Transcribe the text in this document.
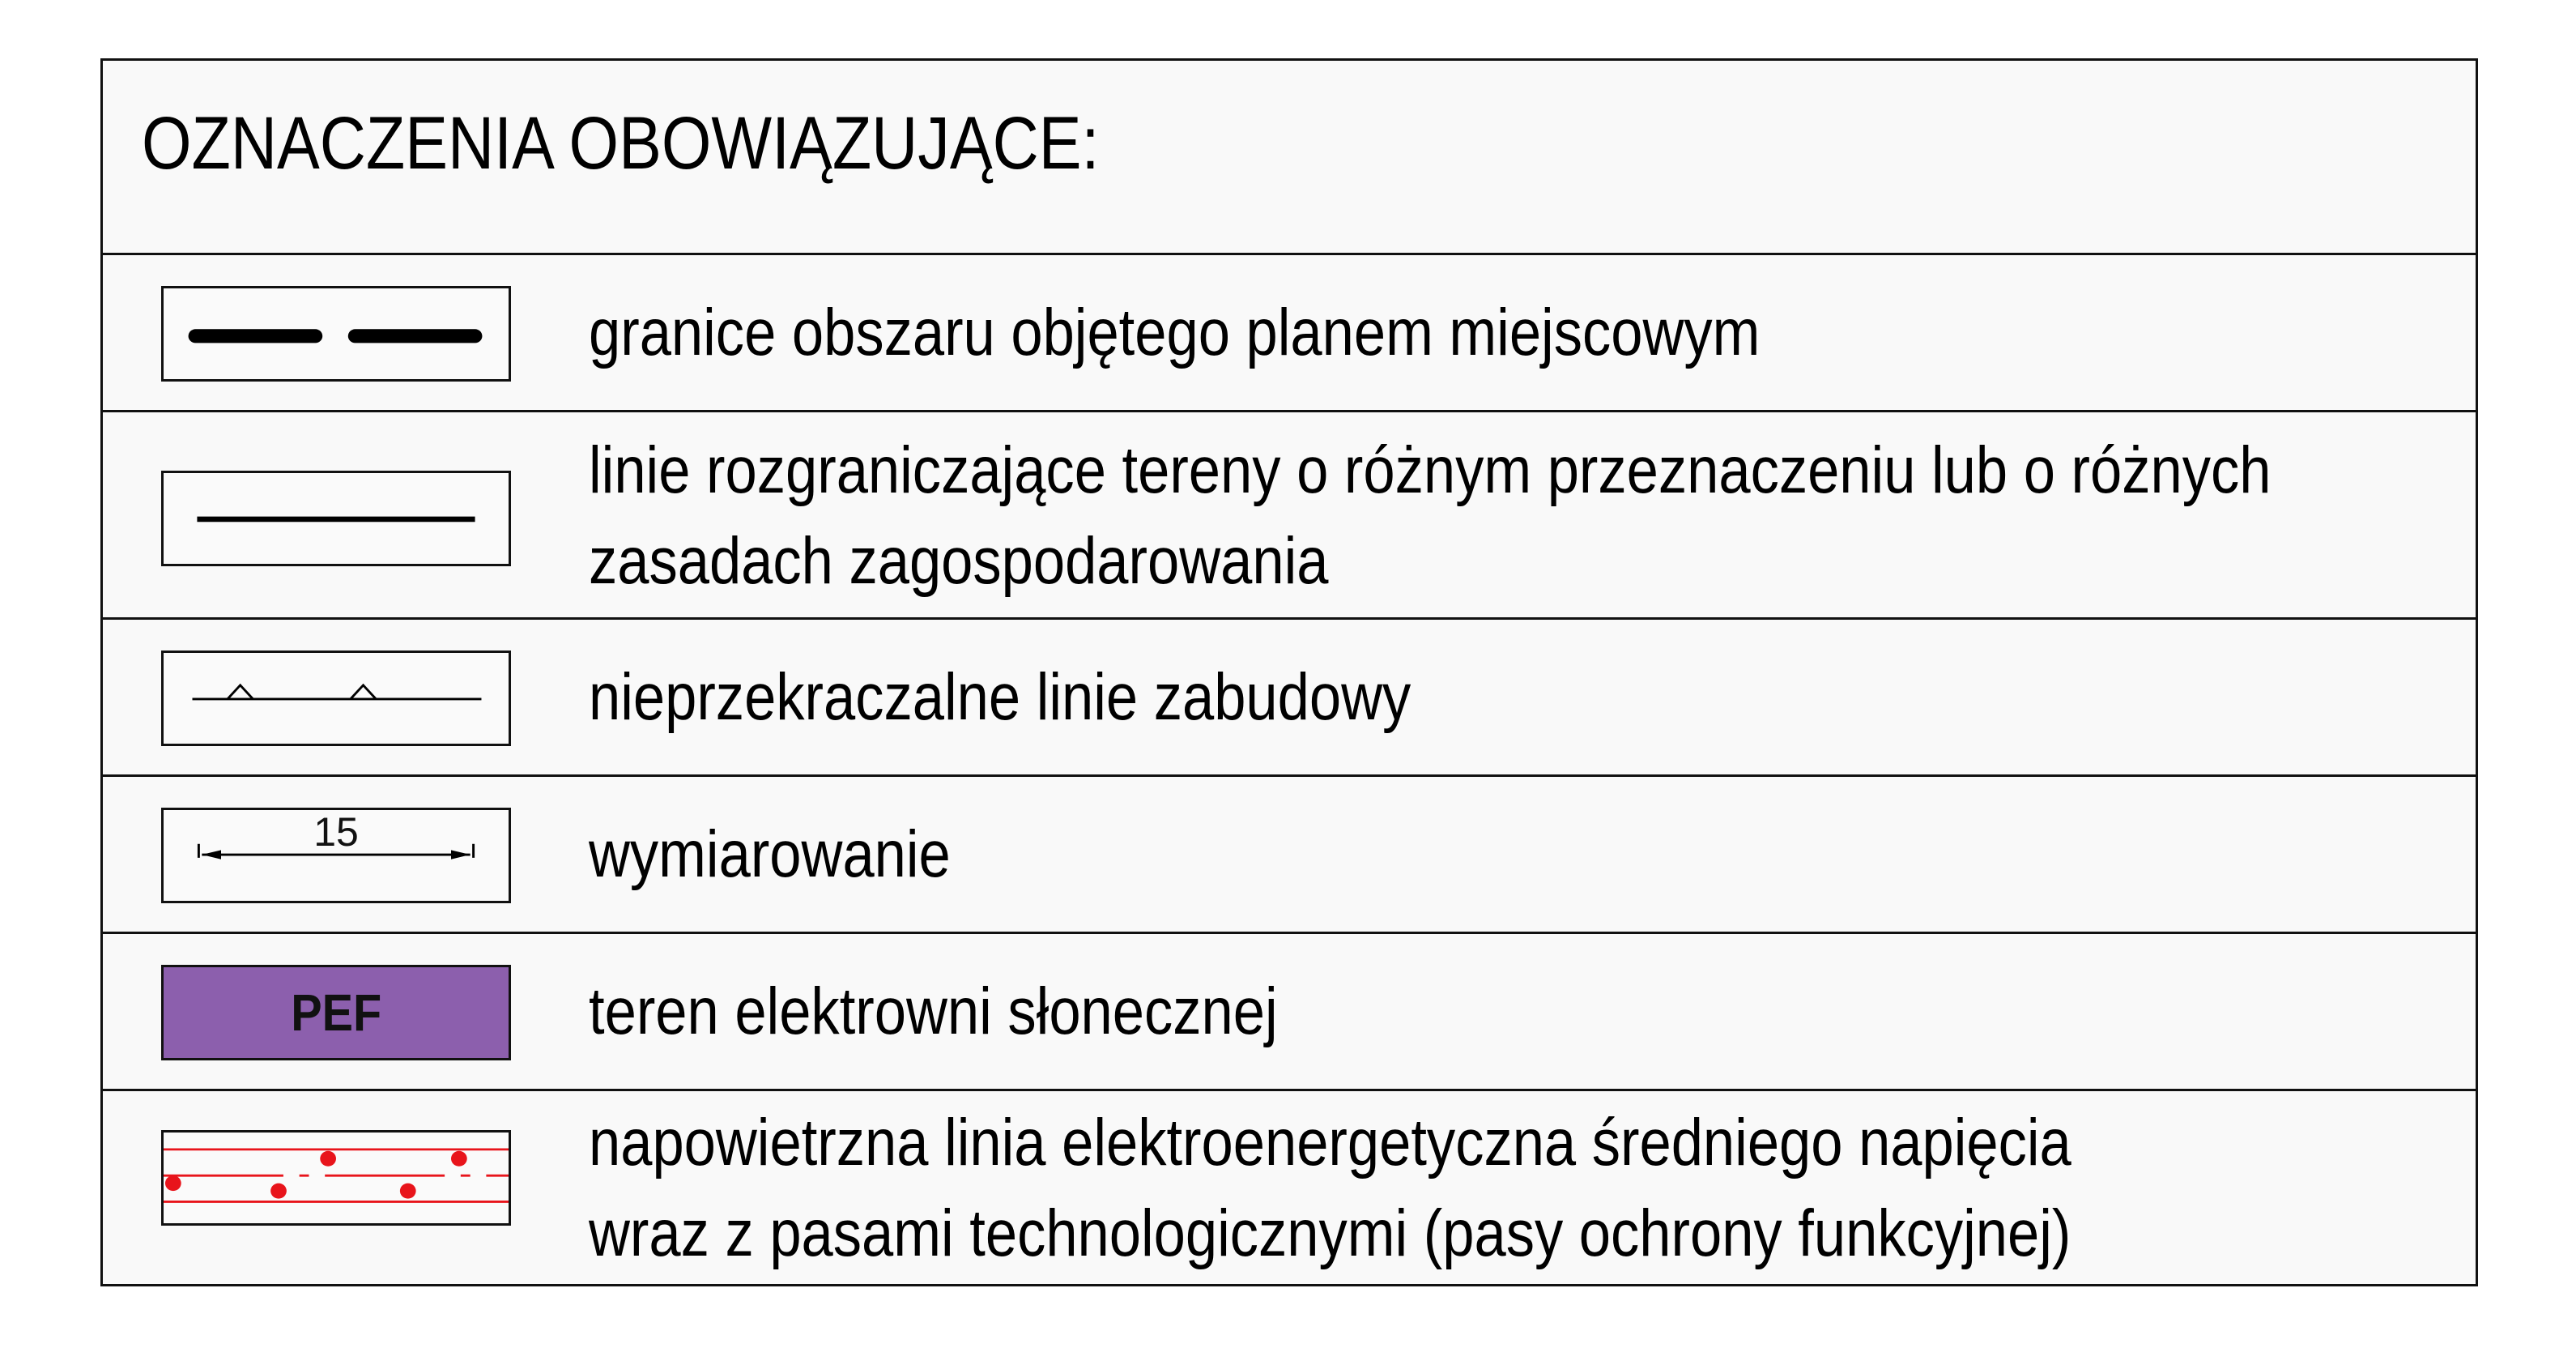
OZNACZENIA OBOWIĄZUJĄCE:
granice obszaru objętego planem miejscowym
linie rozgraniczające tereny o różnym przeznaczeniu lub o różnych
zasadach zagospodarowania
nieprzekraczalne linie zabudowy
15	wymiarowanie
PEF	teren elektrowni słonecznej
napowietrzna linia elektroenergetyczna średniego napięcia
wraz z pasami technologicznymi (pasy ochrony funkcyjnej)
